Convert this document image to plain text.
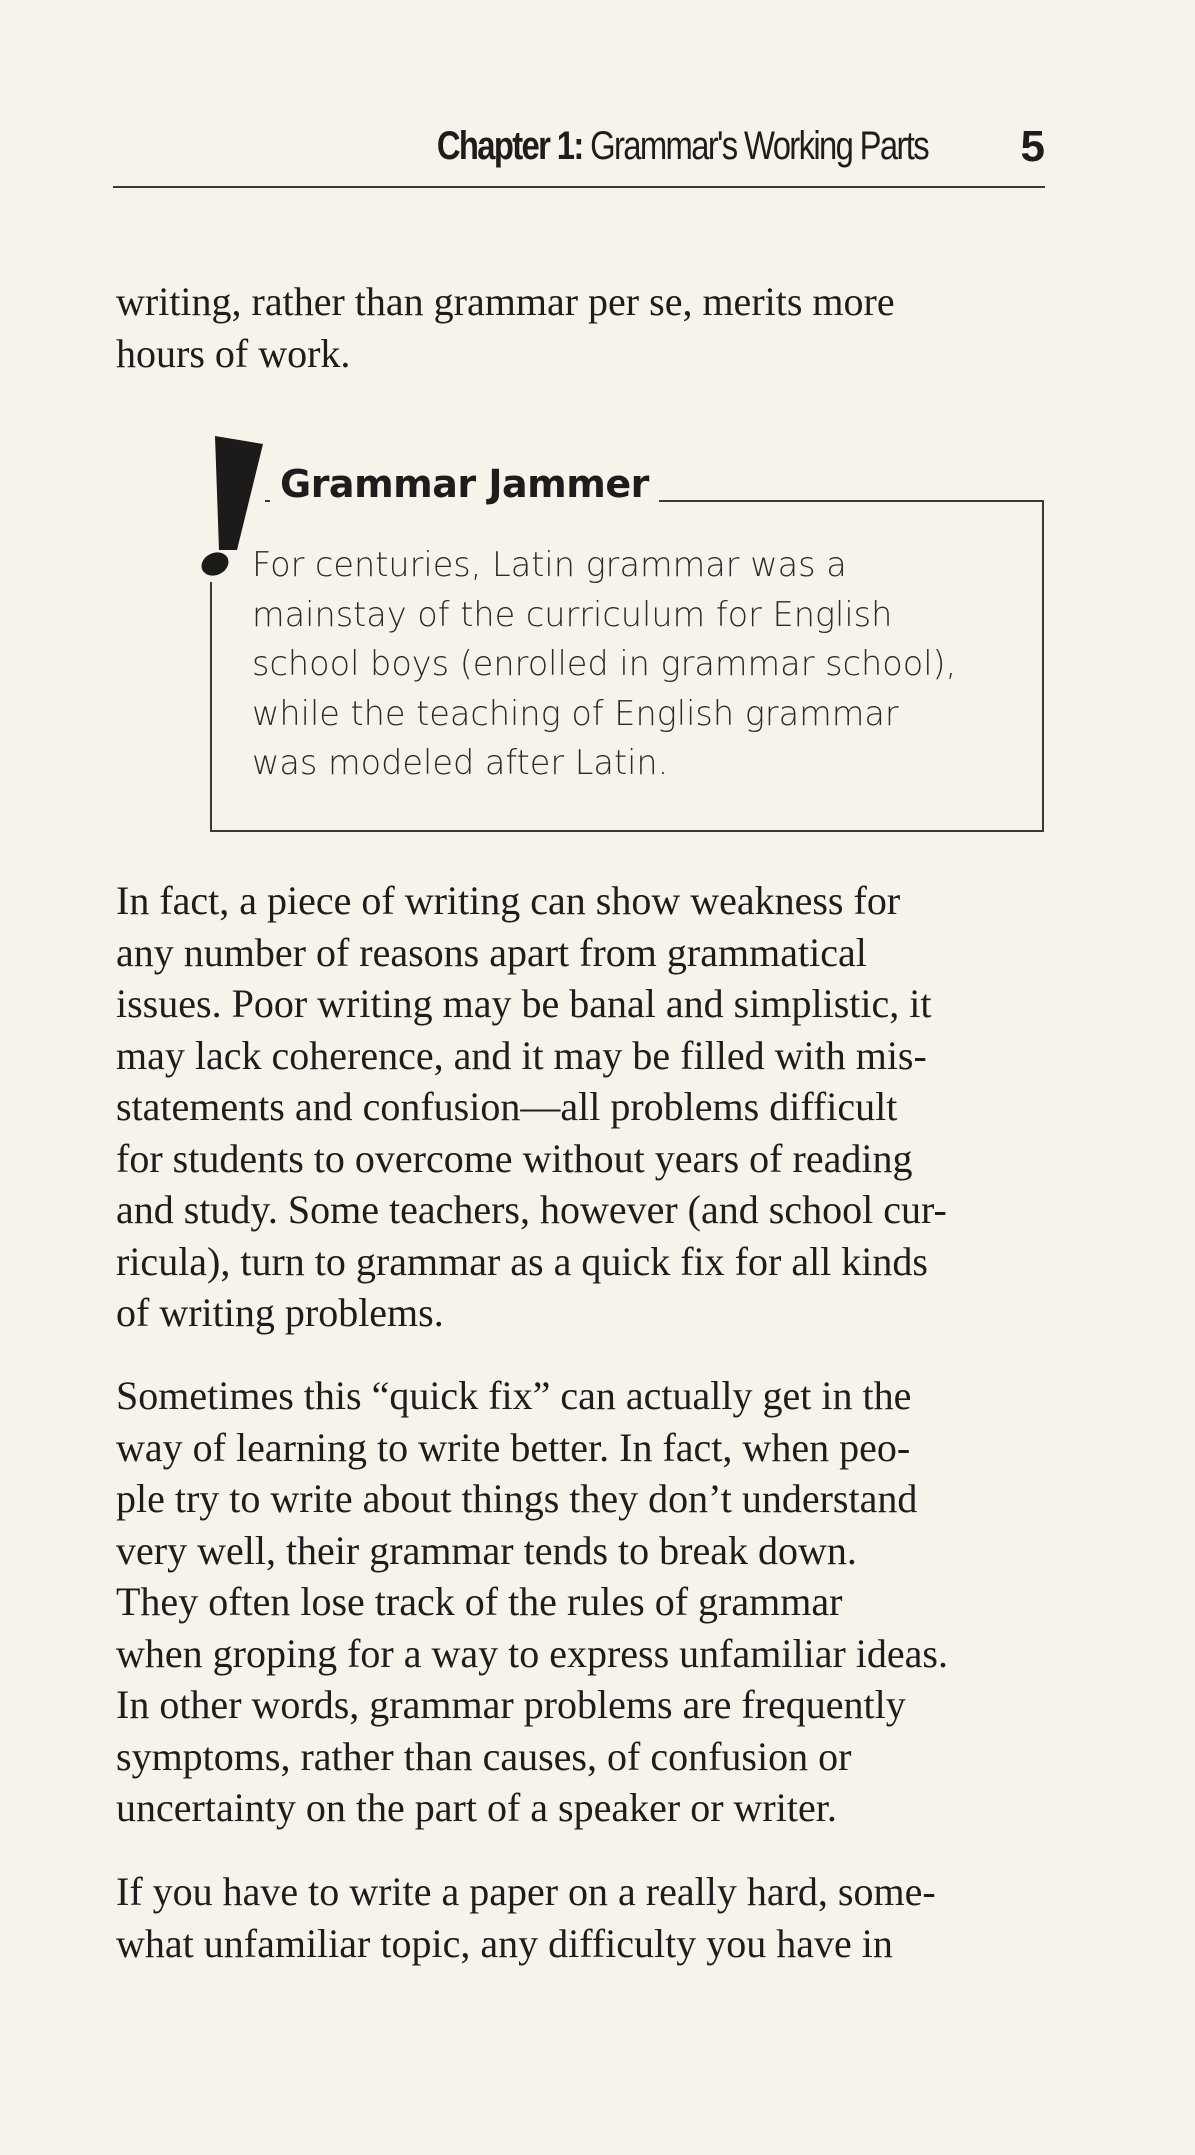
Chapter 1: Grammar's Working Parts 5

writing, rather than grammar per se, merits more
hours of work.

Grammar Jammer

For centuries, Latin grammar was a
mainstay of the curriculum for English
school boys (enrolled in grammar school),
while the teaching of English grammar
was modeled after Latin.

In fact, a piece of writing can show weakness for
any number of reasons apart from grammatical
issues. Poor writing may be banal and simplistic, it
may lack coherence, and it may be filled with mis-
statements and confusion—all problems difficult
for students to overcome without years of reading
and study. Some teachers, however (and school cur-
ricula), turn to grammar as a quick fix for all kinds
of writing problems.

Sometimes this “quick fix” can actually get in the
way of learning to write better. In fact, when peo-
ple try to write about things they don’t understand
very well, their grammar tends to break down.
They often lose track of the rules of grammar
when groping for a way to express unfamiliar ideas.
In other words, grammar problems are frequently
symptoms, rather than causes, of confusion or
uncertainty on the part of a speaker or writer.

If you have to write a paper on a really hard, some-
what unfamiliar topic, any difficulty you have in
